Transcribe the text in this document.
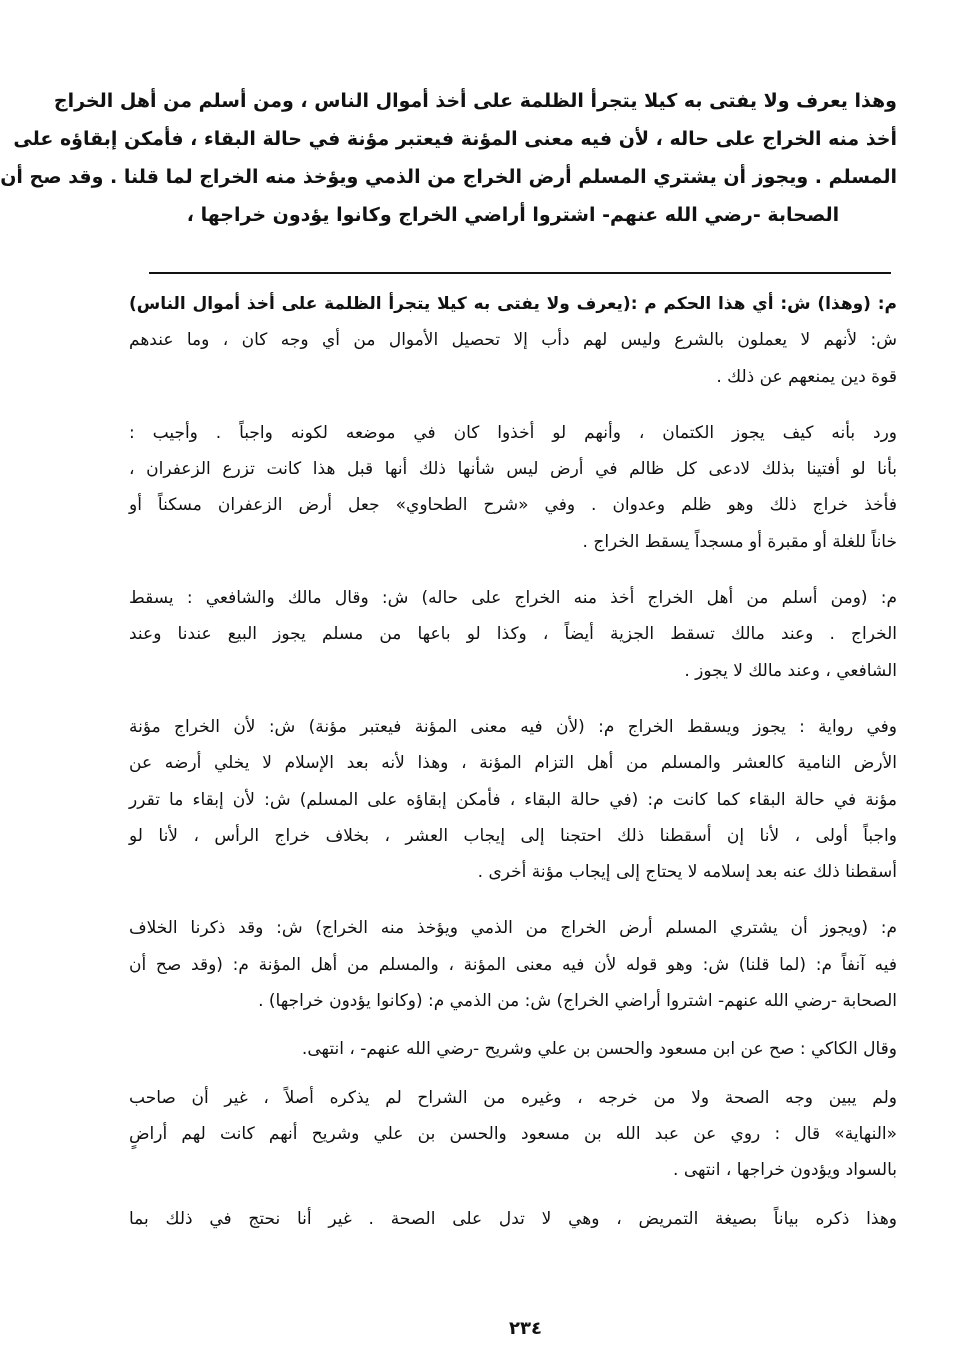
وهذا يعرف ولا يفتى به كيلا يتجرأ الظلمة على أخذ أموال الناس ، ومن أسلم من أهل الخراج
أخذ منه الخراج على حاله ، لأن فيه معنى المؤنة فيعتبر مؤنة في حالة البقاء ، فأمكن إبقاؤه على
المسلم . ويجوز أن يشتري المسلم أرض الخراج من الذمي ويؤخذ منه الخراج لما قلنا . وقد صح أن
الصحابة -رضي الله عنهم- اشتروا أراضي الخراج وكانوا يؤدون خراجها ،
م: (وهذا) ش: أي هذا الحكم م :(يعرف ولا يفتى به كيلا يتجرأ الظلمة على أخذ أموال الناس)
ش: لأنهم لا يعملون بالشرع وليس لهم دأب إلا تحصيل الأموال من أي وجه كان ، وما عندهم
قوة دين يمنعهم عن ذلك .
ورد بأنه كيف يجوز الكتمان ، وأنهم لو أخذوا كان في موضعه لكونه واجباً . وأجيب :
بأنا لو أفتينا بذلك لادعى كل ظالم في أرض ليس شأنها ذلك أنها قبل هذا كانت تزرع الزعفران ،
فأخذ خراج ذلك وهو ظلم وعدوان . وفي «شرح الطحاوي» جعل أرض الزعفران مسكناً أو
خاناً للغلة أو مقبرة أو مسجداً يسقط الخراج .
م: (ومن أسلم من أهل الخراج أخذ منه الخراج على حاله) ش: وقال مالك والشافعي : يسقط
الخراج . وعند مالك تسقط الجزية أيضاً ، وكذا لو باعها من مسلم يجوز البيع عندنا وعند
الشافعي ، وعند مالك لا يجوز .
وفي رواية : يجوز ويسقط الخراج م: (لأن فيه معنى المؤنة فيعتبر مؤنة) ش: لأن الخراج مؤنة
الأرض النامية كالعشر والمسلم من أهل التزام المؤنة ، وهذا لأنه بعد الإسلام لا يخلي أرضه عن
مؤنة في حالة البقاء كما كانت م: (في حالة البقاء ، فأمكن إبقاؤه على المسلم) ش: لأن إبقاء ما تقرر
واجباً أولى ، لأنا إن أسقطنا ذلك احتجنا إلى إيجاب العشر ، بخلاف خراج الرأس ، لأنا لو
أسقطنا ذلك عنه بعد إسلامه لا يحتاج إلى إيجاب مؤنة أخرى .
م: (ويجوز أن يشتري المسلم أرض الخراج من الذمي ويؤخذ منه الخراج) ش: وقد ذكرنا الخلاف
فيه آنفاً م: (لما قلنا) ش: وهو قوله لأن فيه معنى المؤنة ، والمسلم من أهل المؤنة م: (وقد صح أن
الصحابة -رضي الله عنهم- اشتروا أراضي الخراج) ش: من الذمي م: (وكانوا يؤدون خراجها) .
وقال الكاكي : صح عن ابن مسعود والحسن بن علي وشريح -رضي الله عنهم- ، انتهى.
ولم يبين وجه الصحة ولا من خرجه ، وغيره من الشراح لم يذكره أصلاً ، غير أن صاحب
«النهاية» قال : روي عن عبد الله بن مسعود والحسن بن علي وشريح أنهم كانت لهم أراضٍ
بالسواد ويؤدون خراجها ، انتهى .
وهذا ذكره بياناً بصيغة التمريض ، وهي لا تدل على الصحة . غير أنا نحتج في ذلك بما
٢٣٤
